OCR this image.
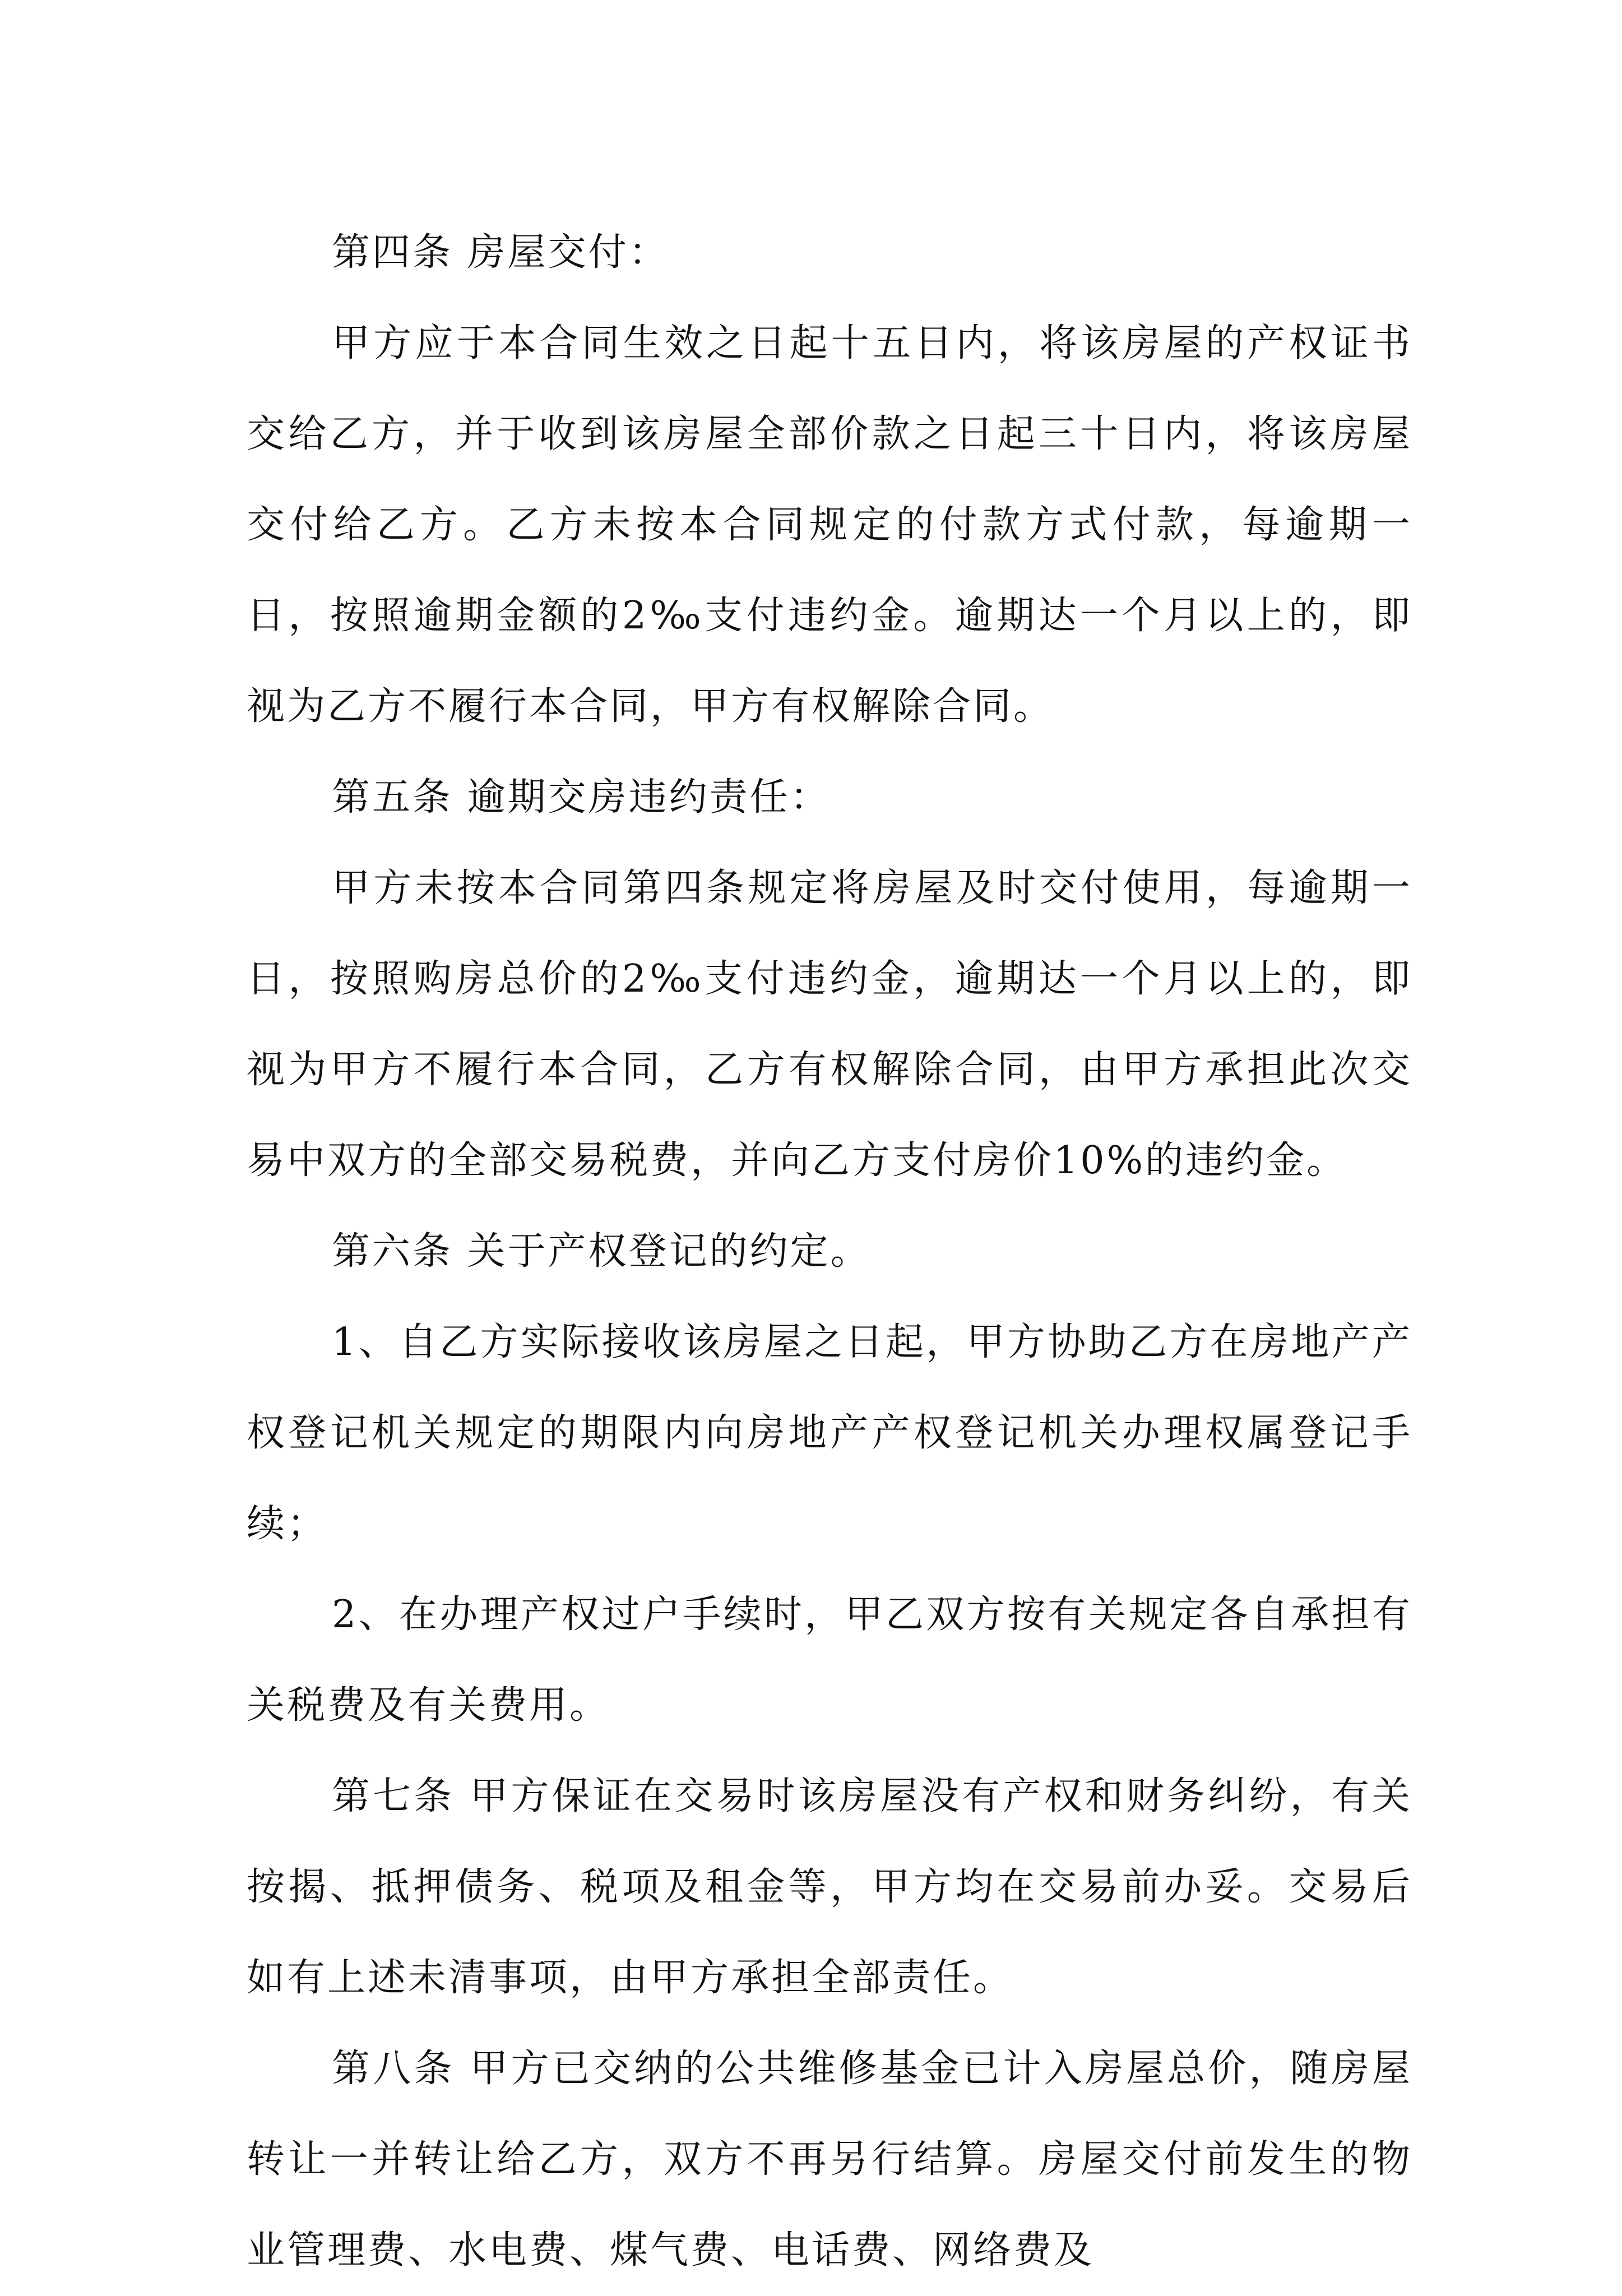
第四条 房屋交付：

甲方应于本合同生效之日起十五日内，将该房屋的产权证书交给乙方，并于收到该房屋全部价款之日起三十日内，将该房屋交付给乙方。乙方未按本合同规定的付款方式付款，每逾期一日，按照逾期金额的2‰支付违约金。逾期达一个月以上的，即视为乙方不履行本合同，甲方有权解除合同。

第五条 逾期交房违约责任：

甲方未按本合同第四条规定将房屋及时交付使用，每逾期一日，按照购房总价的2‰支付违约金，逾期达一个月以上的，即视为甲方不履行本合同，乙方有权解除合同，由甲方承担此次交易中双方的全部交易税费，并向乙方支付房价10%的违约金。

第六条 关于产权登记的约定。

1、自乙方实际接收该房屋之日起，甲方协助乙方在房地产产权登记机关规定的期限内向房地产产权登记机关办理权属登记手续；

2、在办理产权过户手续时，甲乙双方按有关规定各自承担有关税费及有关费用。

第七条 甲方保证在交易时该房屋没有产权和财务纠纷，有关按揭、抵押债务、税项及租金等，甲方均在交易前办妥。交易后如有上述未清事项，由甲方承担全部责任。

第八条 甲方已交纳的公共维修基金已计入房屋总价，随房屋转让一并转让给乙方，双方不再另行结算。房屋交付前发生的物业管理费、水电费、煤气费、电话费、网络费及
